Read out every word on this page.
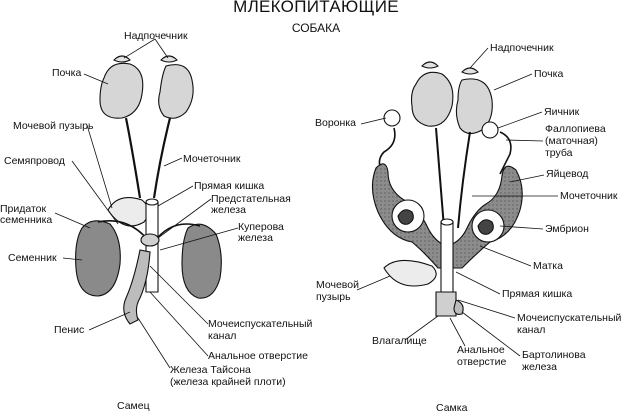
МЛЕКОПИТАЮЩИЕ
СОБАКА
Надпочечник
Почка
Мочевой пузырь
Семяпровод
Придаток
семенника
Семенник
Пенис
Мочеточник
Прямая кишка
Предстательная
железа
Куперова
железа
Мочеиспускательный
канал
Анальное отверстие
Железа Тайсона
(железа крайней плоти)
Самец
Надпочечник
Почка
Воронка
Яичник
Фаллопиева
(маточная)
труба
Яйцевод
Мочеточник
Эмбрион
Матка
Мочевой
пузырь	Прямая кишка
Мочеиспускательный
канал
Влагалище
Анальное
отверстие
Бартолинова
железа
Самка
